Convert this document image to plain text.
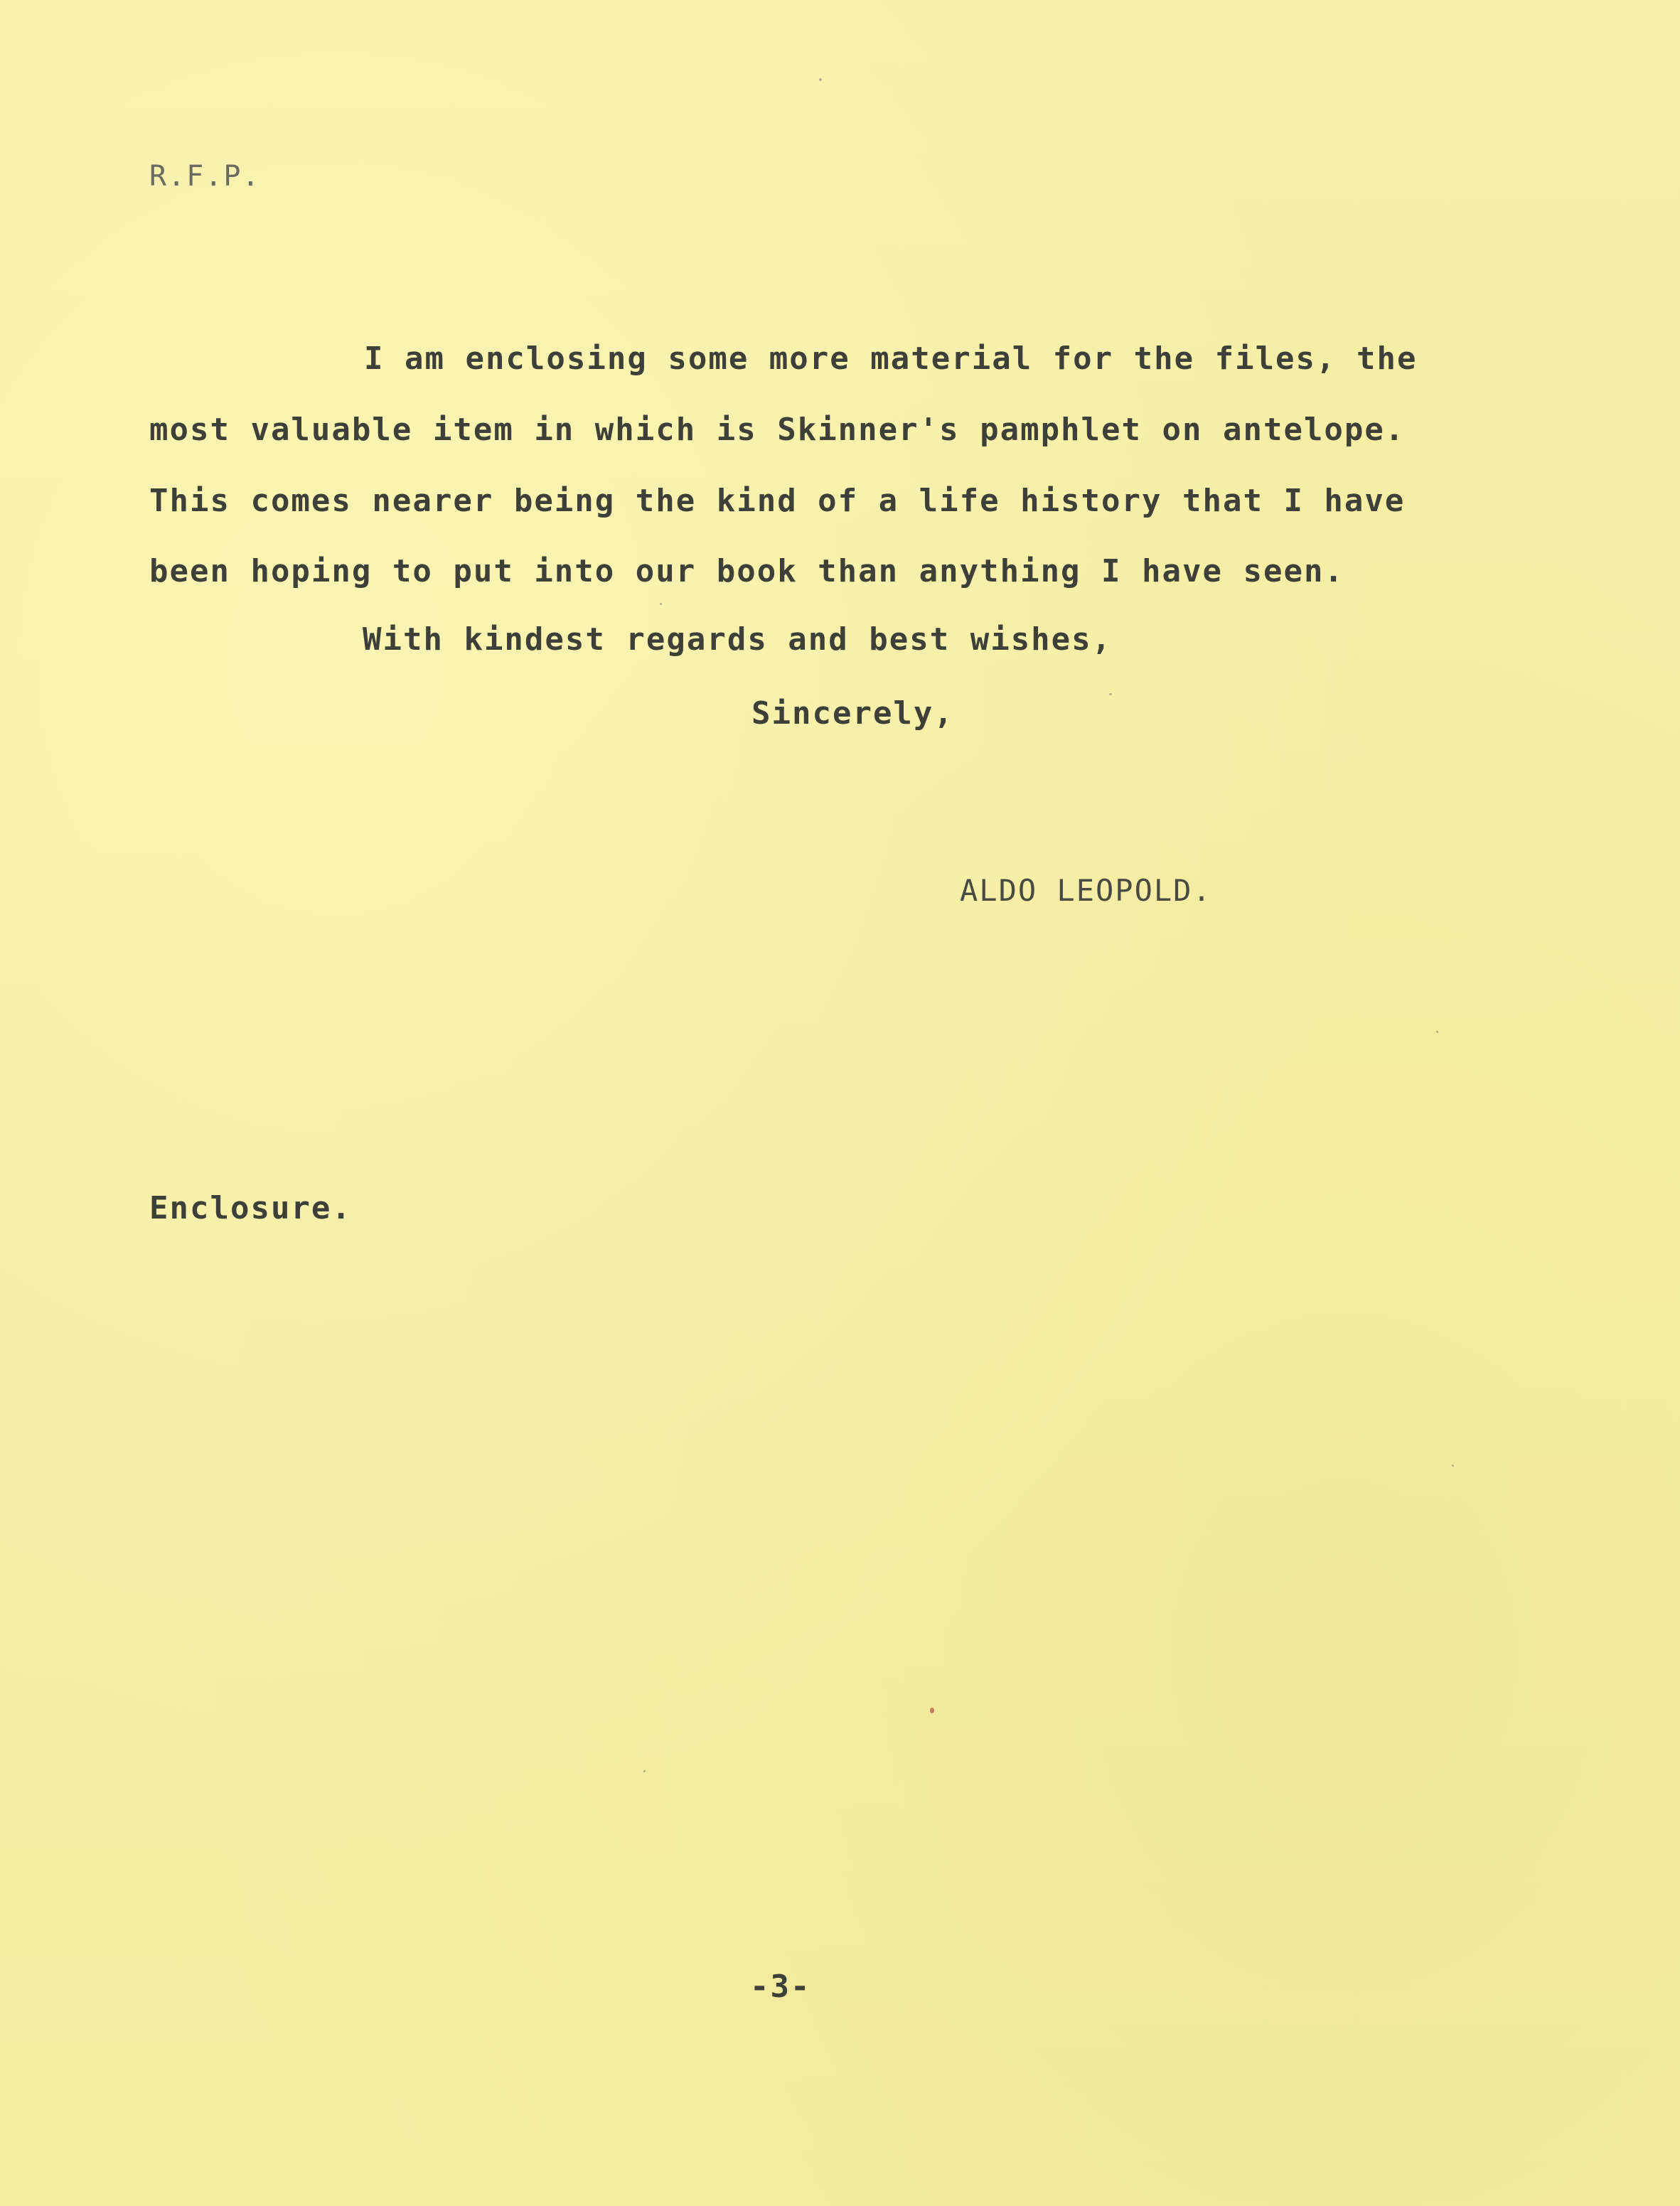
R.F.P.
I am enclosing some more material for the files, the
most valuable item in which is Skinner's pamphlet on antelope.
This comes nearer being the kind of a life history that I have
been hoping to put into our book than anything I have seen.
With kindest regards and best wishes,
Sincerely,
ALDO LEOPOLD.
Enclosure.
-3-
